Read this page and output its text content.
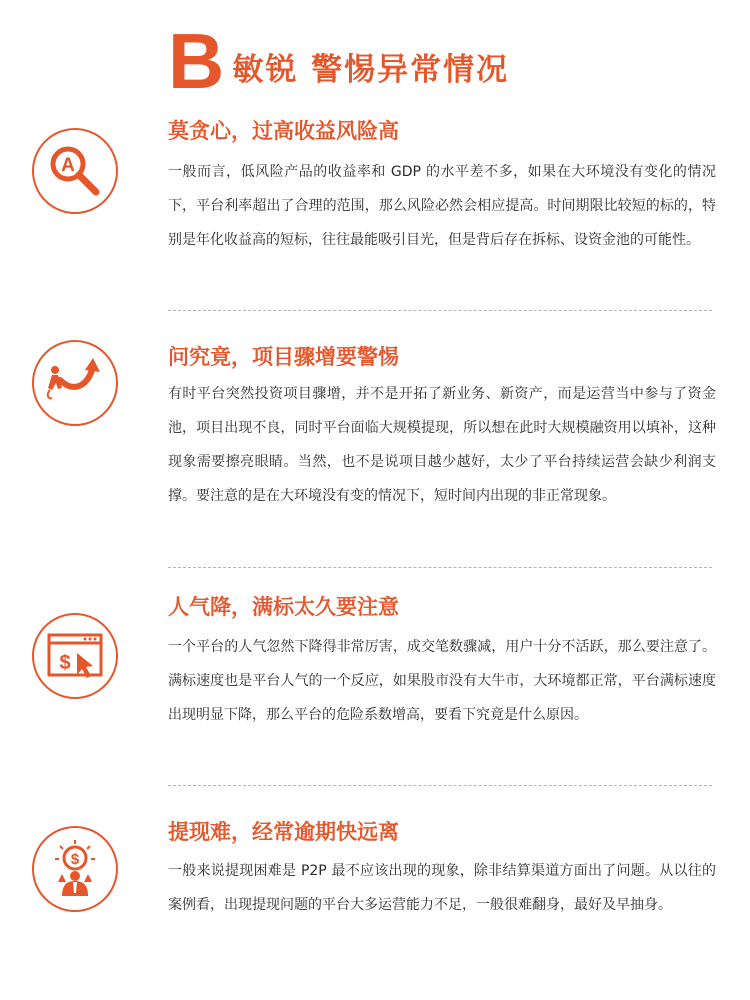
B 敏锐 警惕异常情况
A
莫贪心，过高收益风险高

一般而言，低风险产品的收益率和 GDP 的水平差不多，如果在大环境没有变化的情况下，平台利率超出了合理的范围，那么风险必然会相应提高。时间期限比较短的标的，特别是年化收益高的短标，往往最能吸引目光，但是背后存在拆标、设资金池的可能性。

问究竟，项目骤增要警惕

有时平台突然投资项目骤增，并不是开拓了新业务、新资产，而是运营当中参与了资金池，项目出现不良，同时平台面临大规模提现，所以想在此时大规模融资用以填补，这种现象需要擦亮眼睛。当然，也不是说项目越少越好，太少了平台持续运营会缺少利润支撑。要注意的是在大环境没有变的情况下，短时间内出现的非正常现象。

$
人气降，满标太久要注意

一个平台的人气忽然下降得非常厉害，成交笔数骤减，用户十分不活跃，那么要注意了。满标速度也是平台人气的一个反应，如果股市没有大牛市，大环境都正常，平台满标速度出现明显下降，那么平台的危险系数增高，要看下究竟是什么原因。

$
提现难，经常逾期快远离

一般来说提现困难是 P2P 最不应该出现的现象，除非结算渠道方面出了问题。从以往的案例看，出现提现问题的平台大多运营能力不足，一般很难翻身，最好及早抽身。
